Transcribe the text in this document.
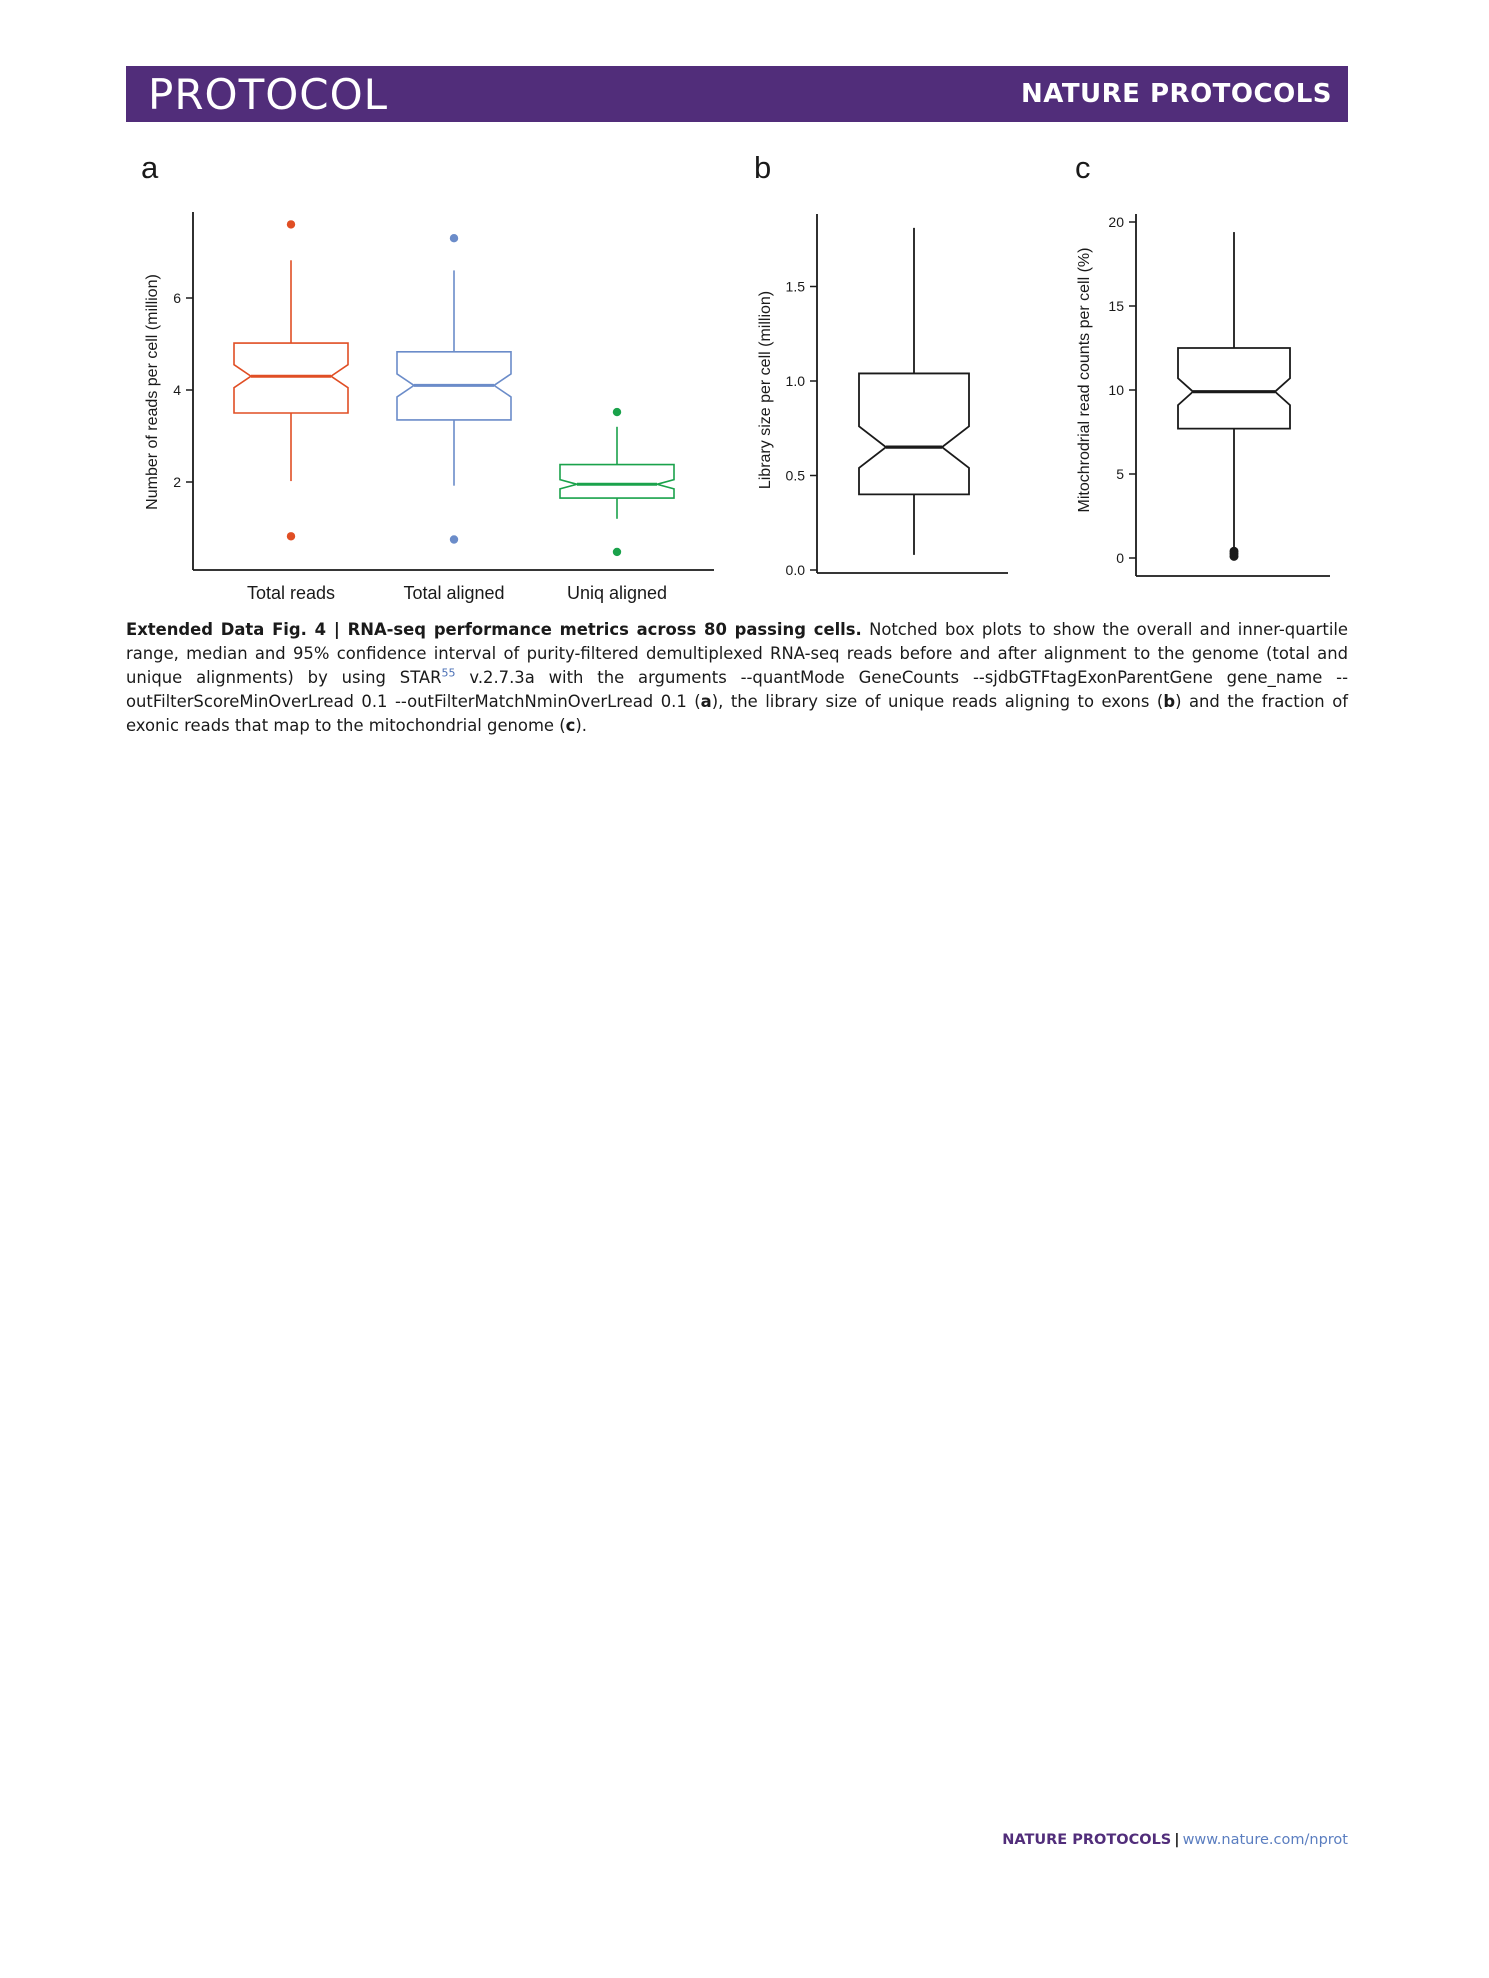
PROTOCOL	NATURE PROTOCOLS
a	b	c
2
4
6
Number of reads per cell (million)
Total reads	Total aligned	Uniq aligned
0.0
0.5
1.0
1.5
Library size per cell (million)
0
5
10
15
20
Mitochrodrial read counts per cell (%)
Extended Data Fig. 4 | RNA-seq performance metrics across 80 passing cells. Notched box plots to show the overall and inner-quartile range, median and 95% confidence interval of purity-filtered demultiplexed RNA-seq reads before and after alignment to the genome (total and unique alignments) by using STAR$^{55}$ v.2.7.3a with the arguments --quantMode GeneCounts --sjdbGTFtagExonParentGene gene_name --outFilterScoreMinOverLread 0.1 --outFilterMatchNminOverLread 0.1 (a), the library size of unique reads aligning to exons (b) and the fraction of exonic reads that map to the mitochondrial genome (c).
NATURE PROTOCOLS | www.nature.com/nprot
